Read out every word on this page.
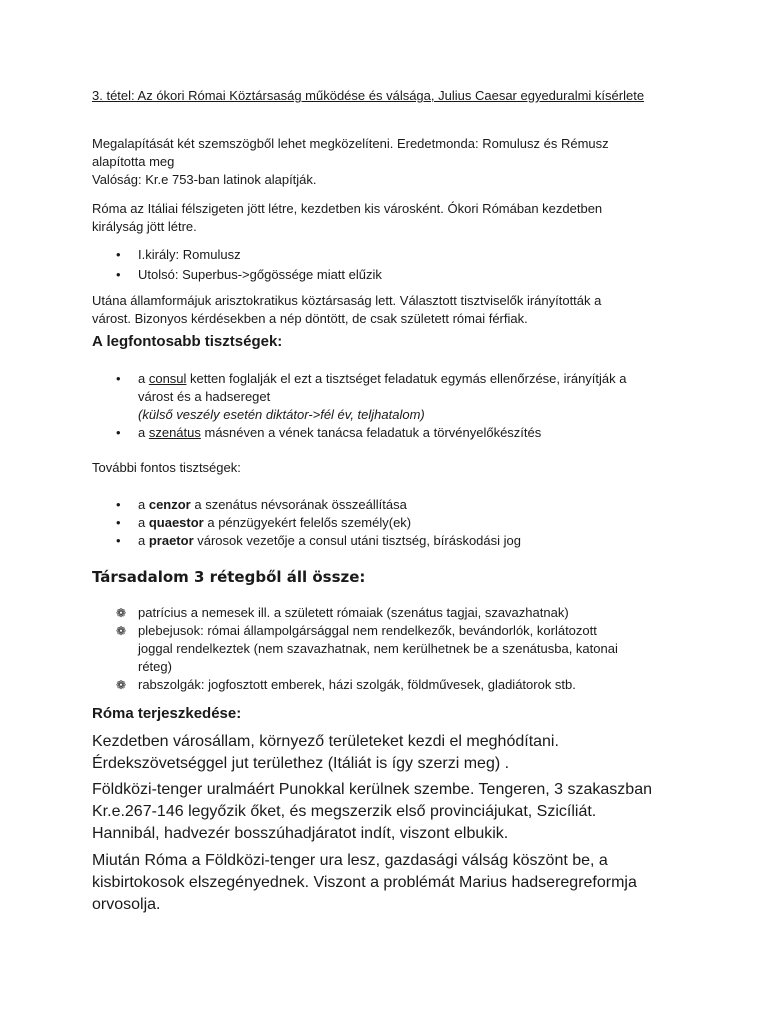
3. tétel: Az ókori Római Köztársaság működése és válsága, Julius Caesar egyeduralmi kísérlete

Megalapítását két szemszögből lehet megközelíteni. Eredetmonda: Romulusz és Rémusz
alapította meg
Valóság: Kr.e 753-ban latinok alapítják.
Róma az Itáliai félszigeten jött létre, kezdetben kis városként. Ókori Rómában kezdetben
királyság jött létre.
• I.király: Romulusz
• Utolsó: Superbus->gőgössége miatt elűzik
Utána államformájuk arisztokratikus köztársaság lett. Választott tisztviselők irányították a
várost. Bizonyos kérdésekben a nép döntött, de csak született római férfiak.
A legfontosabb tisztségek:
• a consul ketten foglalják el ezt a tisztséget feladatuk egymás ellenőrzése, irányítják a
várost és a hadsereget
(külső veszély esetén diktátor->fél év, teljhatalom)
• a szenátus másnéven a vének tanácsa feladatuk a törvényelőkészítés
További fontos tisztségek:
• a cenzor a szenátus névsorának összeállítása
• a quaestor a pénzügyekért felelős személy(ek)
• a praetor városok vezetője a consul utáni tisztség, bíráskodási jog
Társadalom 3 rétegből áll össze:
❁ patrícius a nemesek ill. a született rómaiak (szenátus tagjai, szavazhatnak)
❁ plebejusok: római állampolgársággal nem rendelkezők, bevándorlók, korlátozott
joggal rendelkeztek (nem szavazhatnak, nem kerülhetnek be a szenátusba, katonai
réteg)
❁ rabszolgák: jogfosztott emberek, házi szolgák, földművesek, gladiátorok stb.
Róma terjeszkedése:
Kezdetben városállam, környező területeket kezdi el meghódítani.
Érdekszövetséggel jut területhez (Itáliát is így szerzi meg) .
Földközi-tenger uralmáért Punokkal kerülnek szembe. Tengeren, 3 szakaszban
Kr.e.267-146 legyőzik őket, és megszerzik első provinciájukat, Szicíliát.
Hannibál, hadvezér bosszúhadjáratot indít, viszont elbukik.
Miután Róma a Földközi-tenger ura lesz, gazdasági válság köszönt be, a
kisbirtokosok elszegényednek. Viszont a problémát Marius hadseregreformja
orvosolja.
